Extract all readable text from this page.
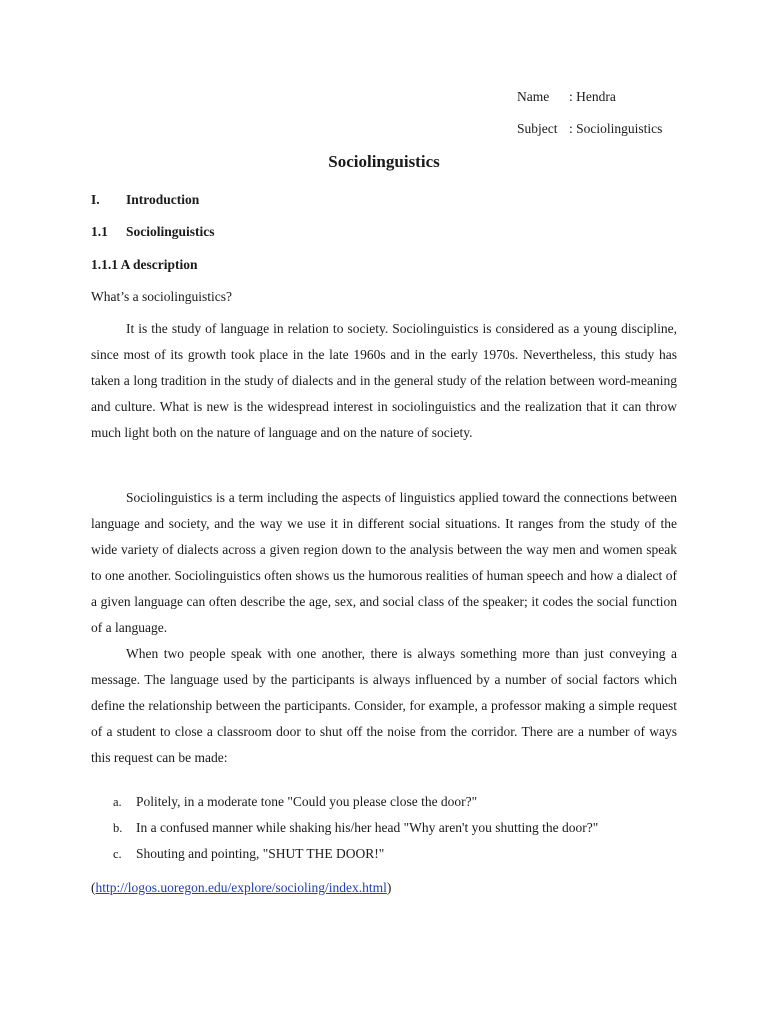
Name : Hendra
Subject : Sociolinguistics
Sociolinguistics
I. Introduction
1.1 Sociolinguistics
1.1.1 A description
What’s a sociolinguistics?

It is the study of language in relation to society. Sociolinguistics is considered as a young discipline, since most of its growth took place in the late 1960s and in the early 1970s. Nevertheless, this study has taken a long tradition in the study of dialects and in the general study of the relation between word-meaning and culture. What is new is the widespread interest in sociolinguistics and the realization that it can throw much light both on the nature of language and on the nature of society.

Sociolinguistics is a term including the aspects of linguistics applied toward the connections between language and society, and the way we use it in different social situations. It ranges from the study of the wide variety of dialects across a given region down to the analysis between the way men and women speak to one another. Sociolinguistics often shows us the humorous realities of human speech and how a dialect of a given language can often describe the age, sex, and social class of the speaker; it codes the social function of a language.

When two people speak with one another, there is always something more than just conveying a message. The language used by the participants is always influenced by a number of social factors which define the relationship between the participants. Consider, for example, a professor making a simple request of a student to close a classroom door to shut off the noise from the corridor. There are a number of ways this request can be made:

a. Politely, in a moderate tone "Could you please close the door?"
b. In a confused manner while shaking his/her head "Why aren't you shutting the door?"
c. Shouting and pointing, "SHUT THE DOOR!"
(http://logos.uoregon.edu/explore/socioling/index.html)
